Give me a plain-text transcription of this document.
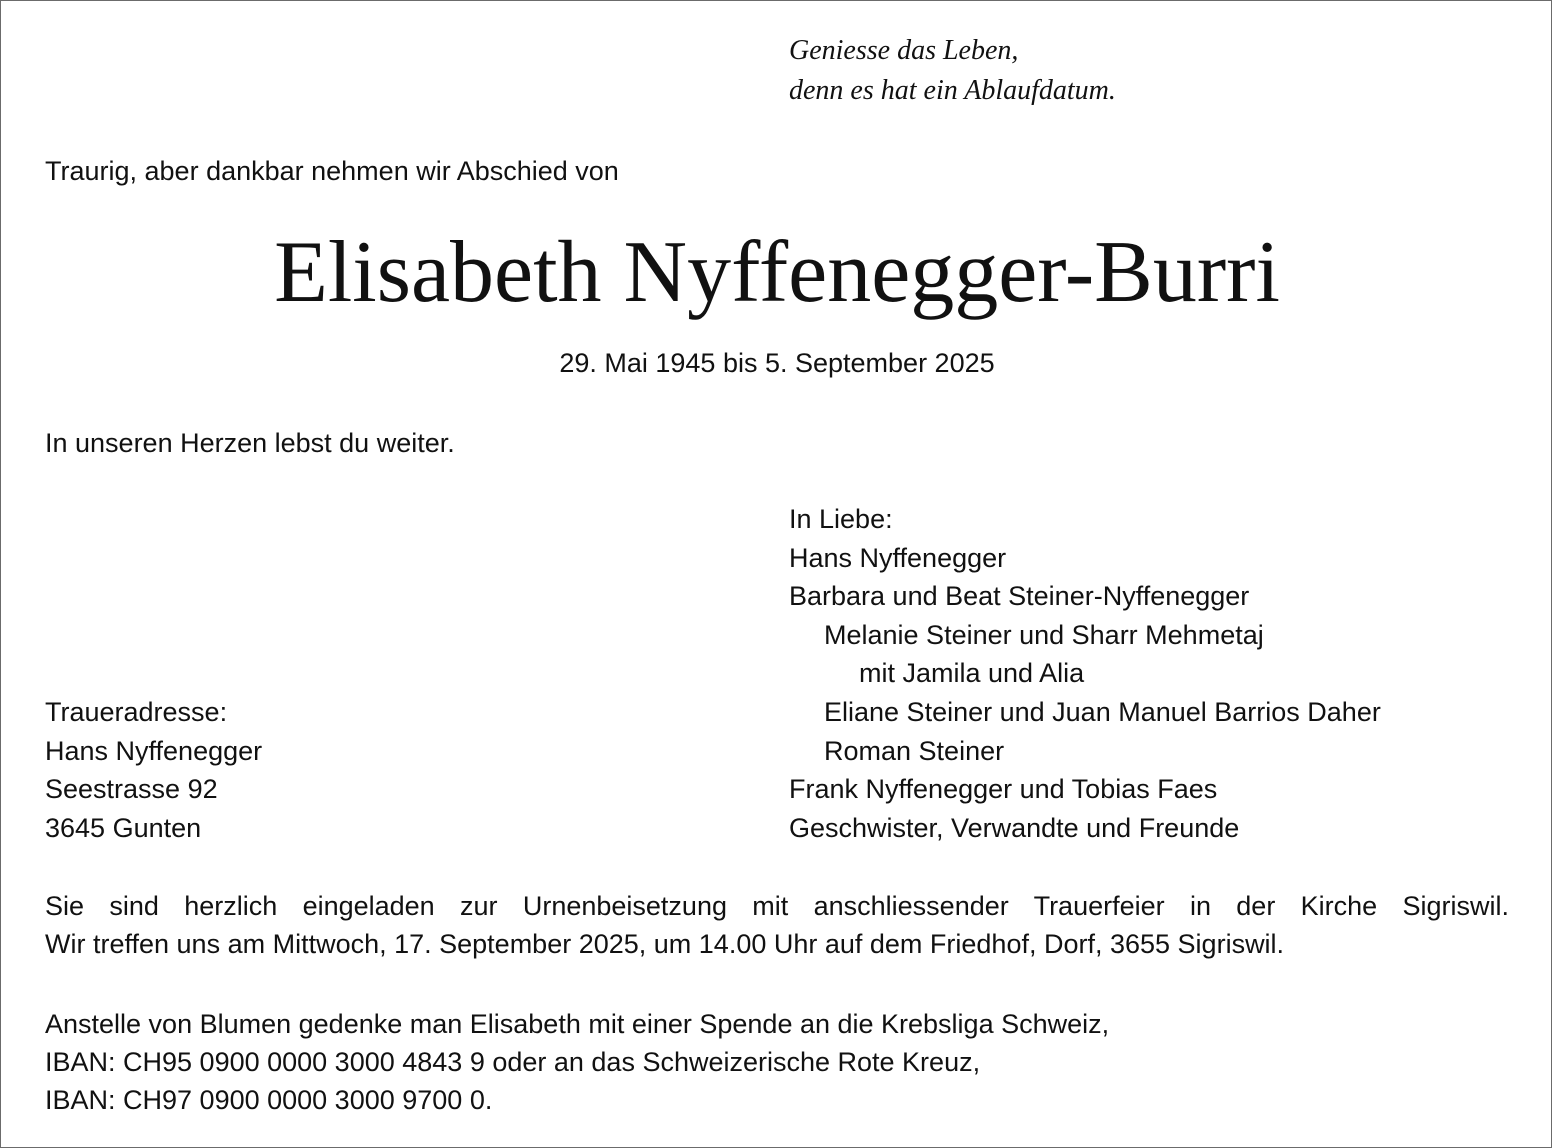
Geniesse das Leben,
denn es hat ein Ablaufdatum.

Traurig, aber dankbar nehmen wir Abschied von

Elisabeth Nyffenegger-Burri

29. Mai 1945 bis 5. September 2025

In unseren Herzen lebst du weiter.

In Liebe:
Hans Nyffenegger
Barbara und Beat Steiner-Nyffenegger
Melanie Steiner und Sharr Mehmetaj
mit Jamila und Alia
Eliane Steiner und Juan Manuel Barrios Daher
Roman Steiner
Frank Nyffenegger und Tobias Faes
Geschwister, Verwandte und Freunde
Traueradresse:
Hans Nyffenegger
Seestrasse 92
3645 Gunten
Sie sind herzlich eingeladen zur Urnenbeisetzung mit anschliessender Trauerfeier in der Kirche Sigriswil.
Wir treffen uns am Mittwoch, 17. September 2025, um 14.00 Uhr auf dem Friedhof, Dorf, 3655 Sigriswil.
Anstelle von Blumen gedenke man Elisabeth mit einer Spende an die Krebsliga Schweiz,
IBAN: CH95 0900 0000 3000 4843 9 oder an das Schweizerische Rote Kreuz,
IBAN: CH97 0900 0000 3000 9700 0.
